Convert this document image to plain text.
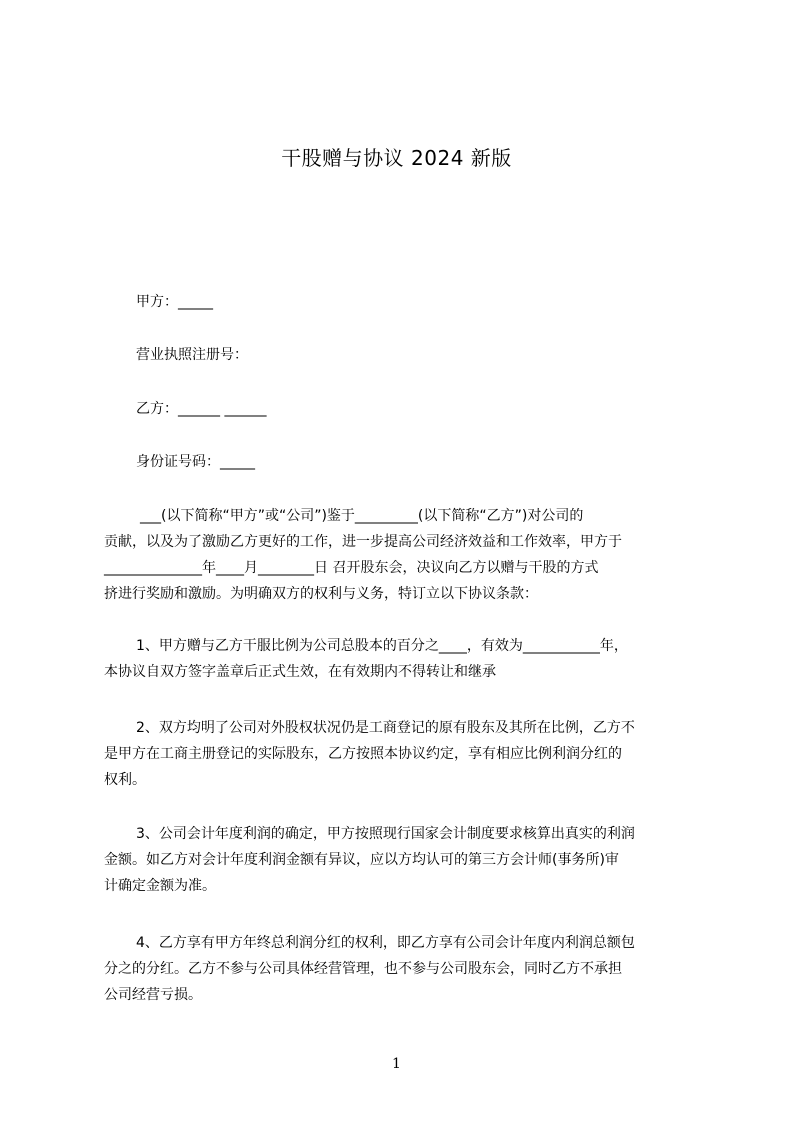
干股赠与协议 2024 新版
甲方：_____
营业执照注册号：
乙方：______ ______
身份证号码：_____
___(以下简称“甲方”或“公司”)鉴于_________(以下简称“乙方”)对公司的
贡献，以及为了激励乙方更好的工作，进一步提高公司经济效益和工作效率，甲方于
______________年____月________日 召开股东会，决议向乙方以赠与干股的方式
挤进行奖励和激励。为明确双方的权利与义务，特订立以下协议条款：
1、甲方赠与乙方干服比例为公司总股本的百分之____，有效为___________年，
本协议自双方签字盖章后正式生效，在有效期内不得转让和继承
2、双方均明了公司对外股权状况仍是工商登记的原有股东及其所在比例，乙方不
是甲方在工商主册登记的实际股东，乙方按照本协议约定，享有相应比例利润分红的
权利。
3、公司会计年度利润的确定，甲方按照现行国家会计制度要求核算出真实的利润
金额。如乙方对会计年度利润金额有异议，应以方均认可的第三方会计师(事务所)审
计确定金额为准。
4、乙方享有甲方年终总利润分红的权利，即乙方享有公司会计年度内利润总额包
分之的分红。乙方不参与公司具体经营管理，也不参与公司股东会，同时乙方不承担
公司经营亏损。
1
